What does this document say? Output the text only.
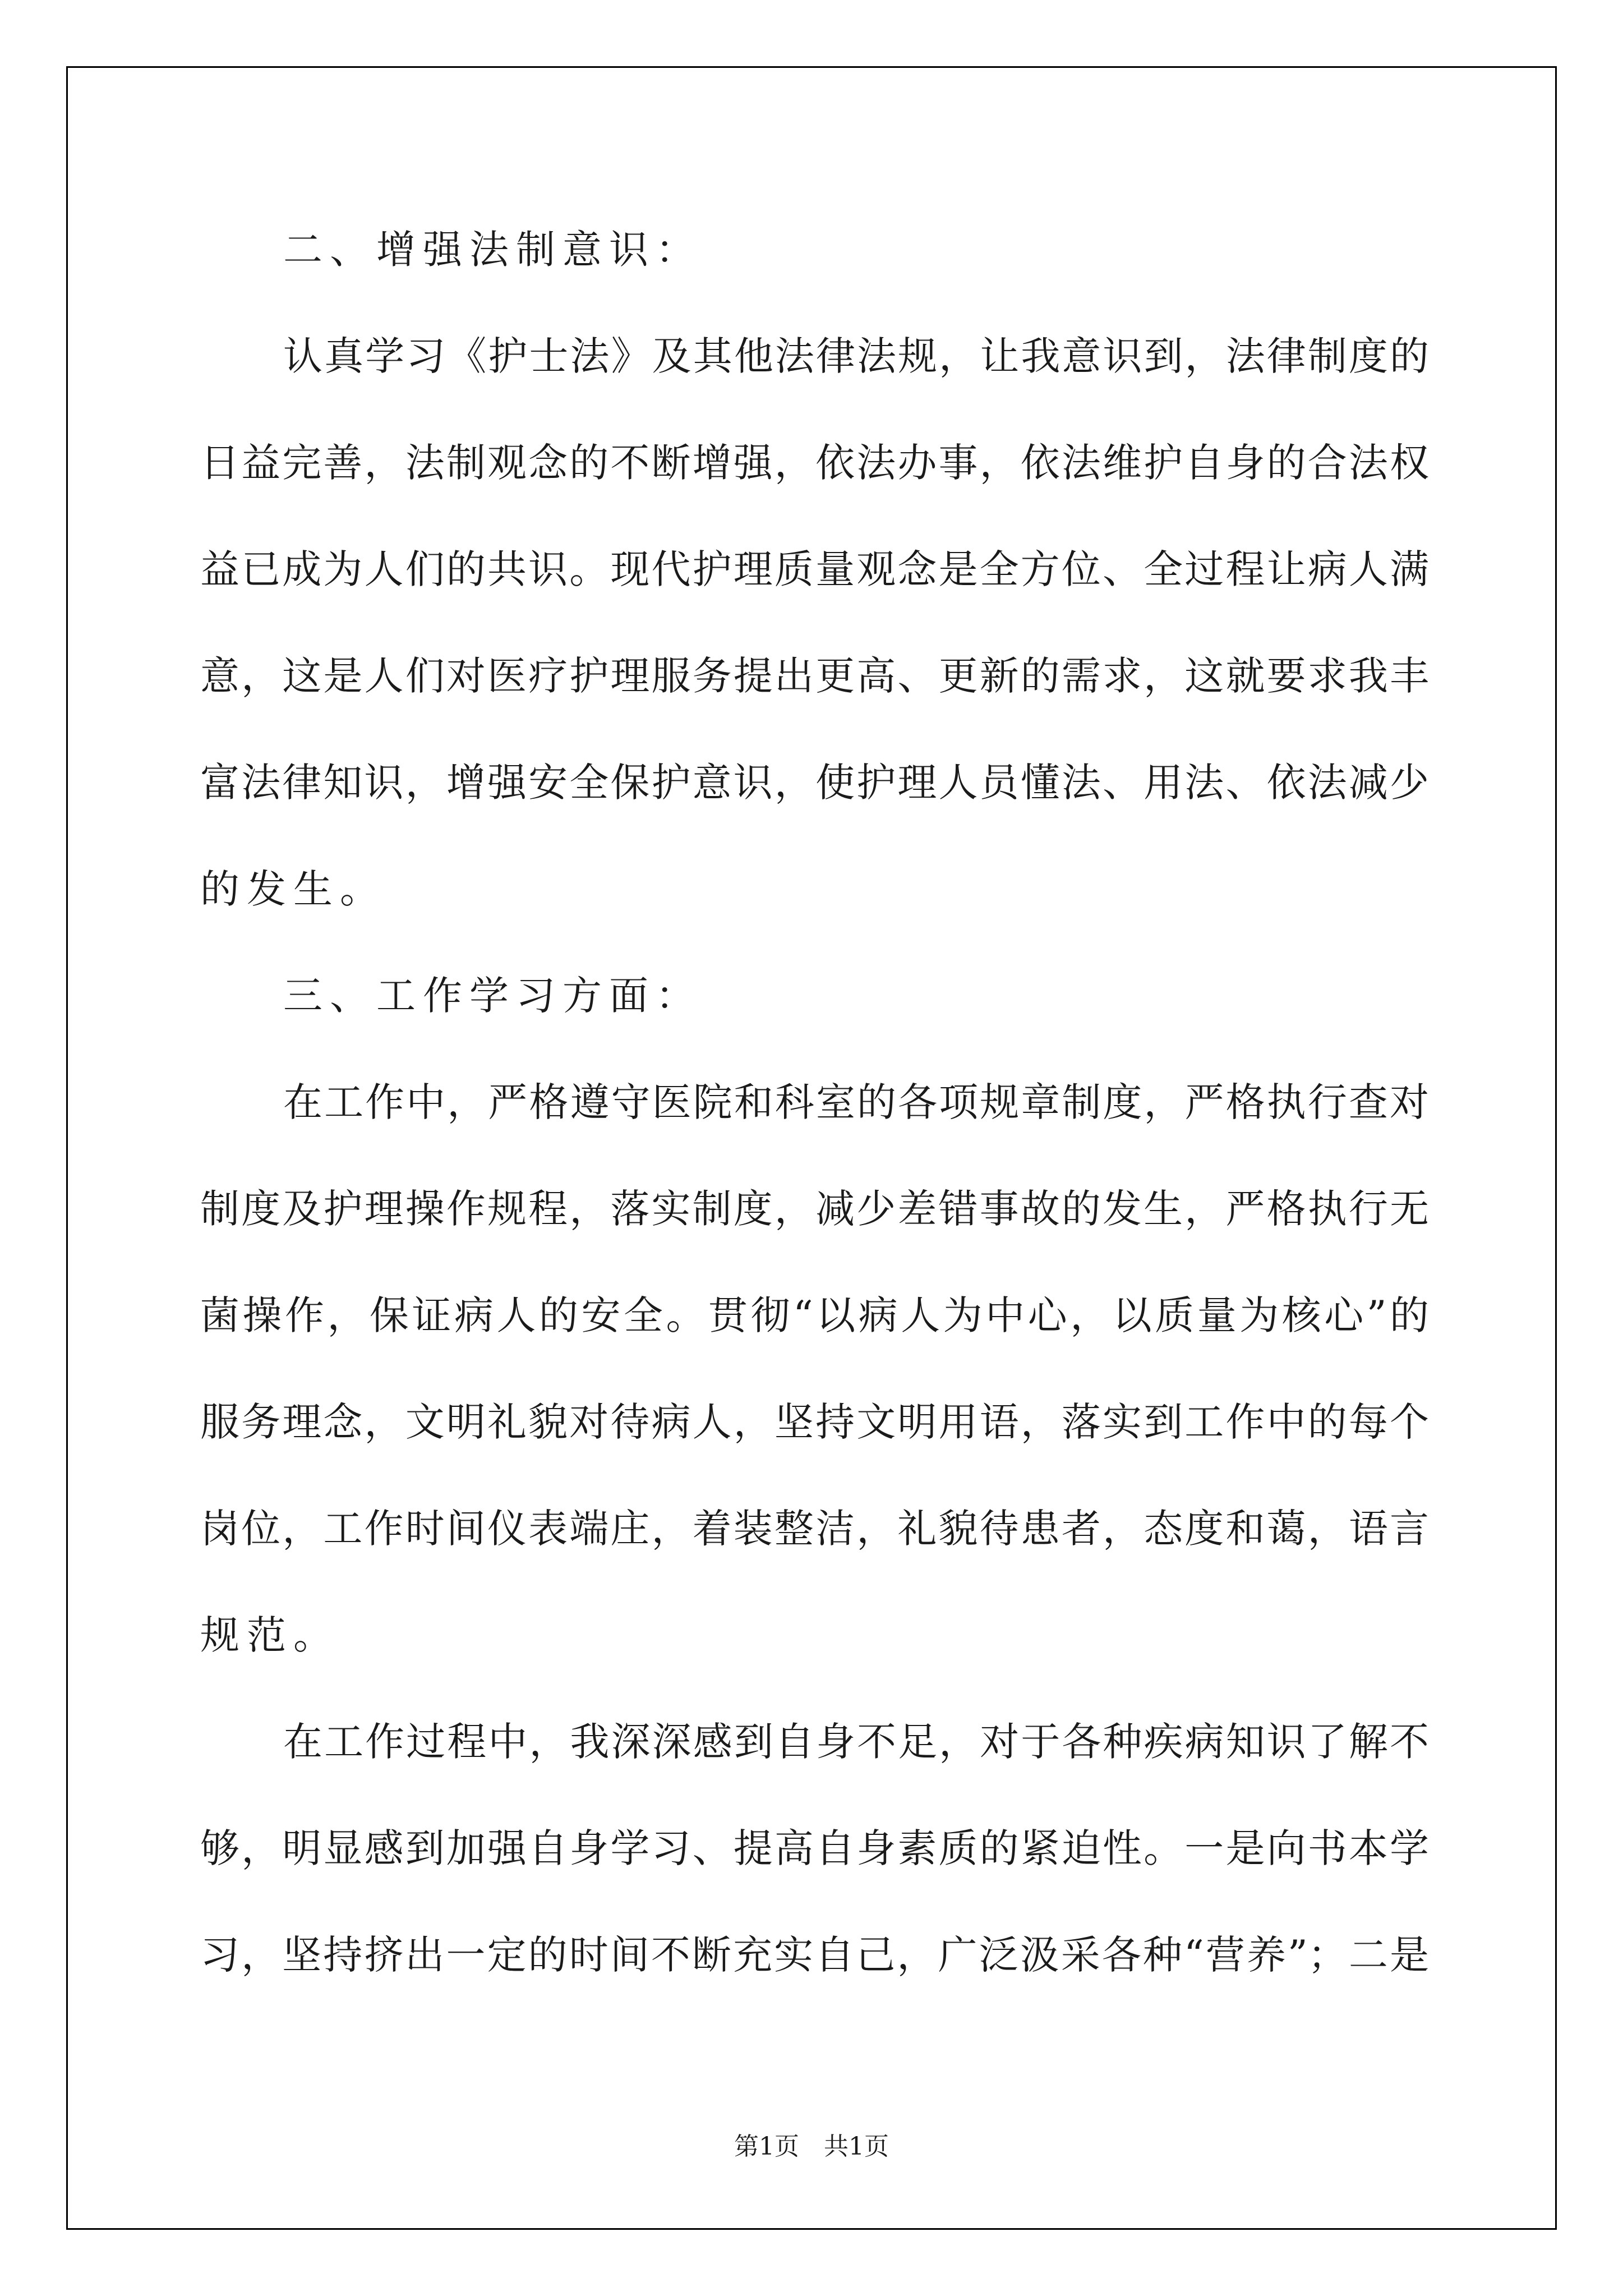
二、增强法制意识：
认真学习《护士法》及其他法律法规，让我意识到，法律制度的
日益完善，法制观念的不断增强，依法办事，依法维护自身的合法权
益已成为人们的共识。现代护理质量观念是全方位、全过程让病人满
意，这是人们对医疗护理服务提出更高、更新的需求，这就要求我丰
富法律知识，增强安全保护意识，使护理人员懂法、用法、依法减少
的发生。
三、工作学习方面：
在工作中，严格遵守医院和科室的各项规章制度，严格执行查对
制度及护理操作规程，落实制度，减少差错事故的发生，严格执行无
菌操作，保证病人的安全。贯彻“以病人为中心，以质量为核心”的
服务理念，文明礼貌对待病人，坚持文明用语，落实到工作中的每个
岗位，工作时间仪表端庄，着装整洁，礼貌待患者，态度和蔼，语言
规范。
在工作过程中，我深深感到自身不足，对于各种疾病知识了解不
够，明显感到加强自身学习、提高自身素质的紧迫性。一是向书本学
习，坚持挤出一定的时间不断充实自己，广泛汲采各种“营养”；二是
第1页　共1页
